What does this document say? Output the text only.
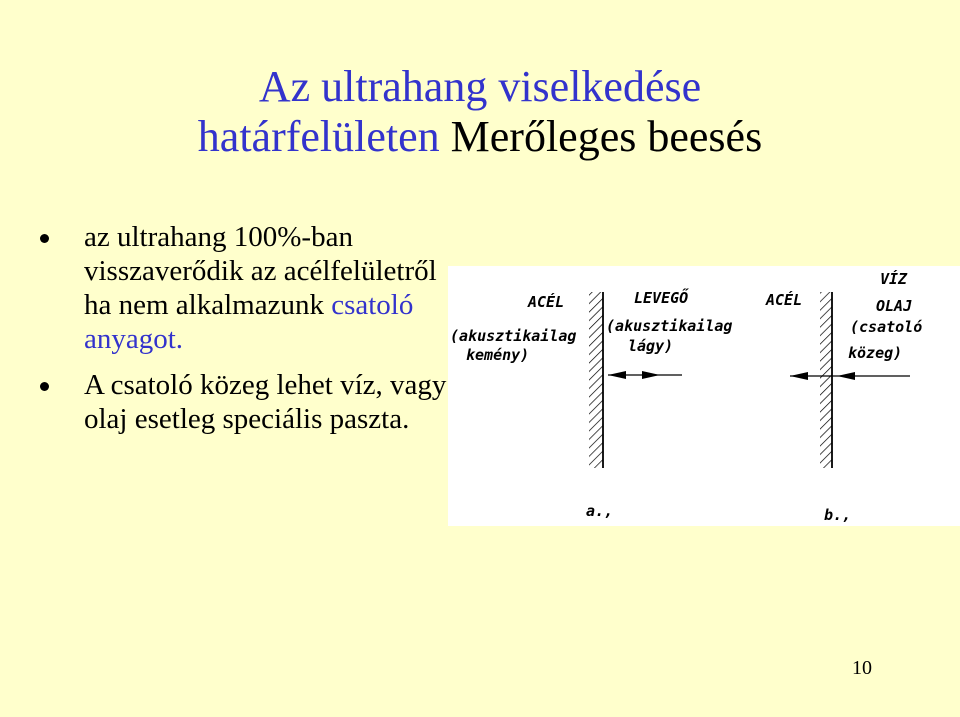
Az ultrahang viselkedése
határfelületen Merőleges beesés
az ultrahang 100%-ban visszaverődik az acélfelületről ha nem alkalmazunk csatoló anyagot.
A csatoló közeg lehet víz, vagy olaj esetleg speciális paszta.
ACÉL
(akusztikailag
kemény)
LEVEGŐ
(akusztikailag
lágy)
a.,
ACÉL
VÍZ
OLAJ
(csatoló
közeg)
b.,
10
